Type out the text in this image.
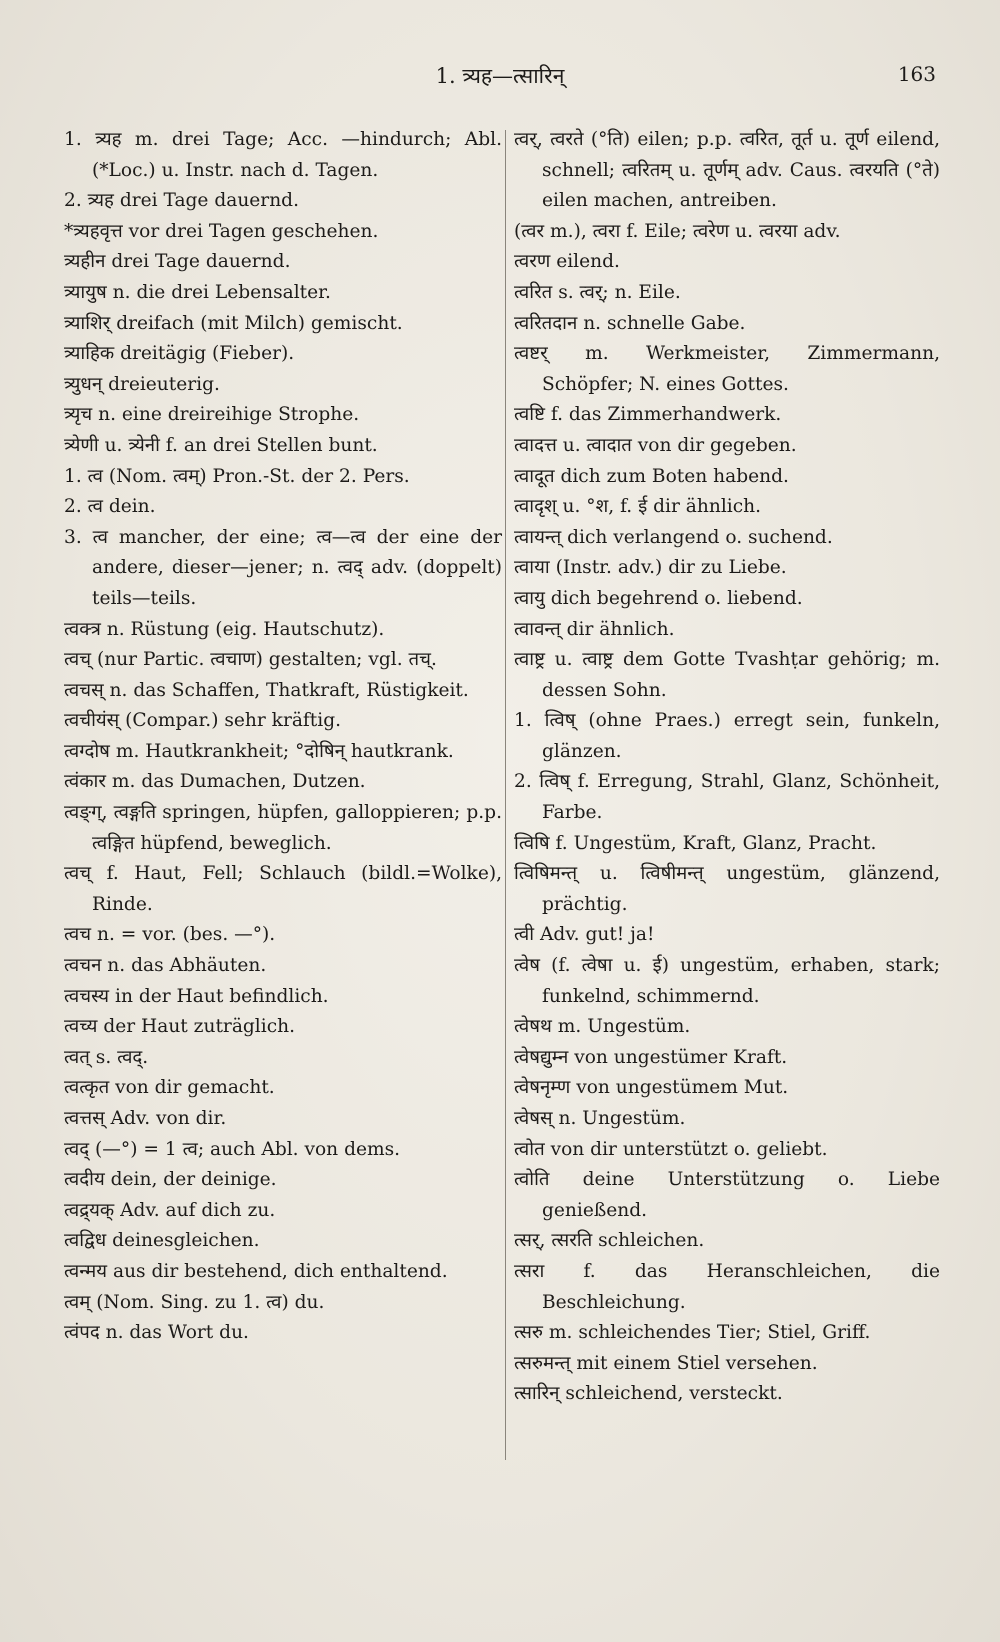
1. त्र्यह—त्सारिन्	163

1. त्र्यह m. drei Tage; Acc. —hindurch; Abl. (*Loc.) u. Instr. nach d. Tagen.

2. त्र्यह drei Tage dauernd.

*त्र्यहवृत्त vor drei Tagen geschehen.

त्र्यहीन drei Tage dauernd.

त्र्यायुष n. die drei Lebensalter.

त्र्याशिर् dreifach (mit Milch) gemischt.

त्र्याहिक dreitägig (Fieber).

त्र्युधन् dreieuterig.

त्र्यृच n. eine dreireihige Strophe.

त्र्येणी u. त्र्येनी f. an drei Stellen bunt.

1. त्व (Nom. त्वम्) Pron.-St. der 2. Pers.

2. त्व dein.

3. त्व mancher, der eine; त्व—त्व der eine der andere, dieser—jener; n. त्वद् adv. (doppelt) teils—teils.

त्वक्त्र n. Rüstung (eig. Hautschutz).

त्वच् (nur Partic. त्वचाण) gestalten; vgl. तच्.

त्वचस् n. das Schaffen, Thatkraft, Rüstigkeit.

त्वचीयंस् (Compar.) sehr kräftig.

त्वग्दोष m. Hautkrankheit; °दोषिन् hautkrank.

त्वंकार m. das Dumachen, Dutzen.

त्वङ्ग्, त्वङ्गति springen, hüpfen, galloppieren; p.p. त्वङ्गित hüpfend, beweglich.

त्वच् f. Haut, Fell; Schlauch (bildl.=Wolke), Rinde.

त्वच n. = vor. (bes. —°).

त्वचन n. das Abhäuten.

त्वचस्य in der Haut befindlich.

त्वच्य der Haut zuträglich.

त्वत् s. त्वद्.

त्वत्कृत von dir gemacht.

त्वत्तस् Adv. von dir.

त्वद् (—°) = 1 त्व; auch Abl. von dems.

त्वदीय dein, der deinige.

त्वद्र्यक् Adv. auf dich zu.

त्वद्विध deinesgleichen.

त्वन्मय aus dir bestehend, dich enthaltend.

त्वम् (Nom. Sing. zu 1. त्व) du.

त्वंपद n. das Wort du.

त्वर्, त्वरते (°ति) eilen; p.p. त्वरित, तूर्त u. तूर्ण eilend, schnell; त्वरितम् u. तूर्णम् adv. Caus. त्वरयति (°ते) eilen machen, antreiben.

(त्वर m.), त्वरा f. Eile; त्वरेण u. त्वरया adv.

त्वरण eilend.

त्वरित s. त्वर्; n. Eile.

त्वरितदान n. schnelle Gabe.

त्वष्टर् m. Werkmeister, Zimmermann, Schöpfer; N. eines Gottes.

त्वष्टि f. das Zimmerhandwerk.

त्वादत्त u. त्वादात von dir gegeben.

त्वादूत dich zum Boten habend.

त्वादृश् u. °श, f. ई dir ähnlich.

त्वायन्त् dich verlangend o. suchend.

त्वाया (Instr. adv.) dir zu Liebe.

त्वायु dich begehrend o. liebend.

त्वावन्त् dir ähnlich.

त्वाष्ट्र u. त्वाष्ट्र dem Gotte Tvashṭar gehörig; m. dessen Sohn.

1. त्विष् (ohne Praes.) erregt sein, funkeln, glänzen.

2. त्विष् f. Erregung, Strahl, Glanz, Schönheit, Farbe.

त्विषि f. Ungestüm, Kraft, Glanz, Pracht.

त्विषिमन्त् u. त्विषीमन्त् ungestüm, glänzend, prächtig.

त्वी Adv. gut! ja!

त्वेष (f. त्वेषा u. ई) ungestüm, erhaben, stark; funkelnd, schimmernd.

त्वेषथ m. Ungestüm.

त्वेषद्युम्न von ungestümer Kraft.

त्वेषनृम्ण von ungestümem Mut.

त्वेषस् n. Ungestüm.

त्वोत von dir unterstützt o. geliebt.

त्वोति deine Unterstützung o. Liebe genießend.

त्सर्, त्सरति schleichen.

त्सरा f. das Heranschleichen, die Beschleichung.

त्सरु m. schleichendes Tier; Stiel, Griff.

त्सरुमन्त् mit einem Stiel versehen.

त्सारिन् schleichend, versteckt.
